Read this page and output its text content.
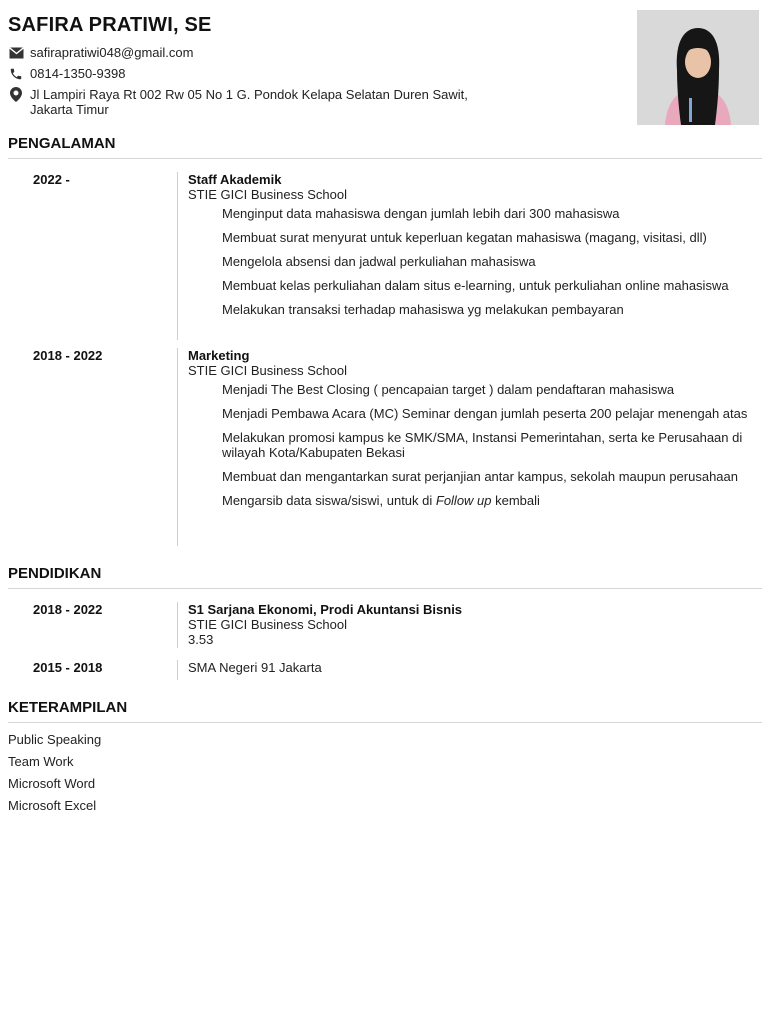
SAFIRA PRATIWI, SE
safirapratiwi048@gmail.com
0814-1350-9398
Jl Lampiri Raya Rt 002 Rw 05 No 1 G. Pondok Kelapa Selatan Duren Sawit,
Jakarta Timur
PENGALAMAN
2022 -	Staff Akademik
STIE GICI Business School
Menginput data mahasiswa dengan jumlah lebih dari 300 mahasiswa
Membuat surat menyurat untuk keperluan kegatan mahasiswa (magang, visitasi, dll)
Mengelola absensi dan jadwal perkuliahan mahasiswa
Membuat kelas perkuliahan dalam situs e-learning, untuk perkuliahan online mahasiswa
Melakukan transaksi terhadap mahasiswa yg melakukan pembayaran
2018 - 2022	Marketing
STIE GICI Business School
Menjadi The Best Closing ( pencapaian target ) dalam pendaftaran mahasiswa
Menjadi Pembawa Acara (MC) Seminar dengan jumlah peserta 200 pelajar menengah atas
Melakukan promosi kampus ke SMK/SMA, Instansi Pemerintahan, serta ke Perusahaan di wilayah Kota/Kabupaten Bekasi
Membuat dan mengantarkan surat perjanjian antar kampus, sekolah maupun perusahaan
Mengarsib data siswa/siswi, untuk di Follow up kembali
PENDIDIKAN
2018 - 2022	S1 Sarjana Ekonomi, Prodi Akuntansi Bisnis
STIE GICI Business School
3.53
2015 - 2018	SMA Negeri 91 Jakarta
KETERAMPILAN
Public Speaking
Team Work
Microsoft Word
Microsoft Excel
